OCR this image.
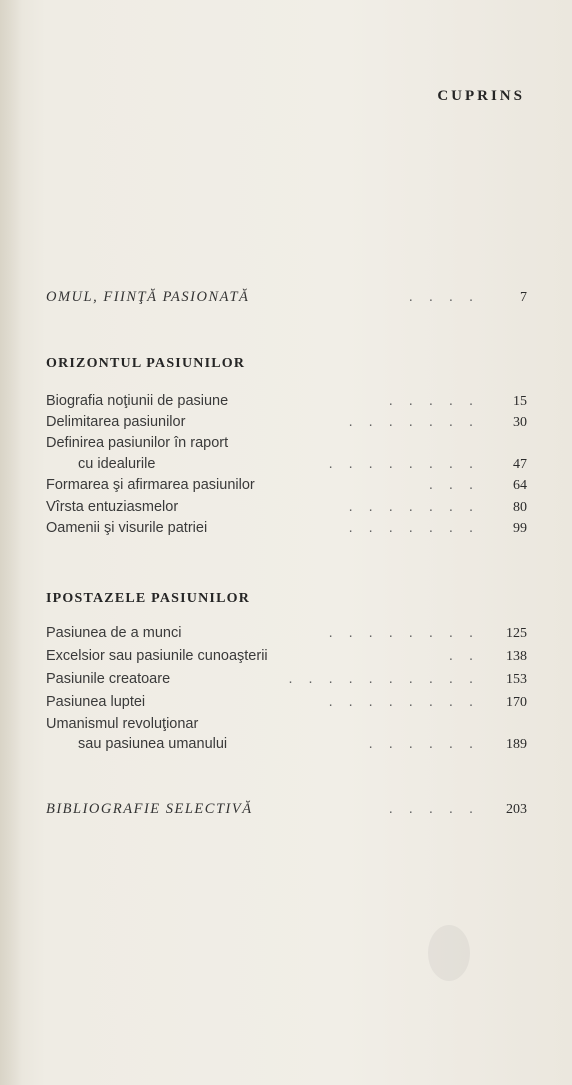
CUPRINS
OMUL, FIINŢĂ PASIONATĂ	. . . .	7
ORIZONTUL PASIUNILOR
Biografia noţiunii de pasiune	. . . . .	15
Delimitarea pasiunilor	. . . . . . .	30
Definirea pasiunilor în raport
cu idealurile	. . . . . . . .	47
Formarea şi afirmarea pasiunilor	. . .	64
Vîrsta entuziasmelor	. . . . . . .	80
Oamenii şi visurile patriei	. . . . . . .	99
IPOSTAZELE PASIUNILOR
Pasiunea de a munci	. . . . . . . .	125
Excelsior sau pasiunile cunoaşterii	. .	138
Pasiunile creatoare	. . . . . . . . . .	153
Pasiunea luptei	. . . . . . . .	170
Umanismul revoluţionar
sau pasiunea umanului	. . . . . .	189
BIBLIOGRAFIE SELECTIVĂ	. . . . .	203
